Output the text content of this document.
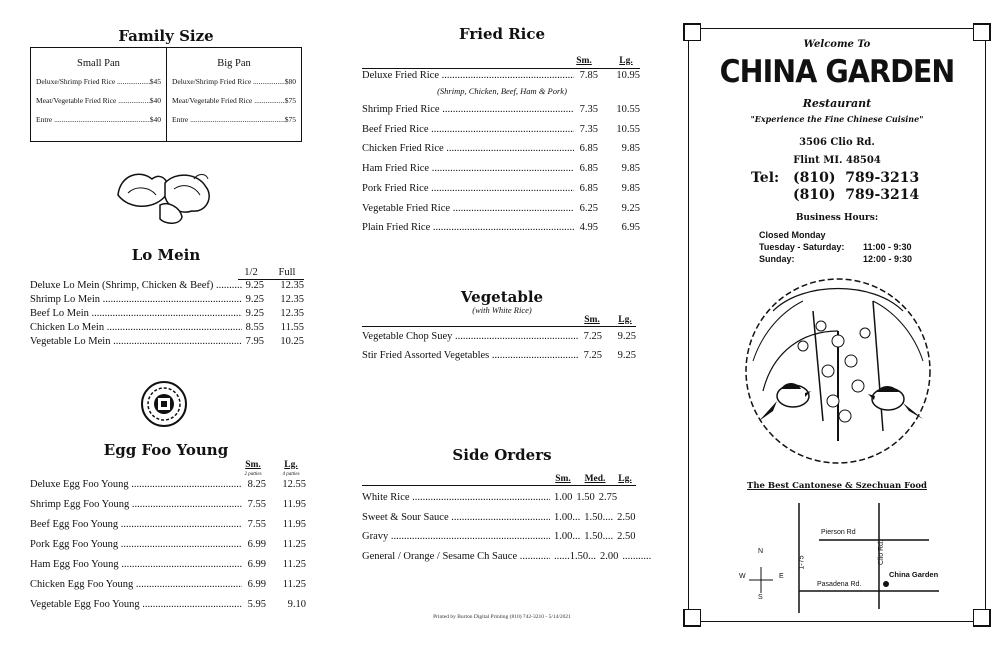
Family Size
Small Pan
Deluxe/Shrimp Fried Rice .....	$45
Meat/Vegetable Fried Rice .....	$40
Entre .....	$40
Big Pan
Deluxe/Shrimp Fried Rice .....	$80
Meat/Vegetable Fried Rice .....	$75
Entre .....	$75
Lo Mein
1/2	Full
Deluxe Lo Mein (Shrimp, Chicken & Beef) .....	9.25	12.35
Shrimp Lo Mein .....	9.25	12.35
Beef Lo Mein .....	9.25	12.35
Chicken Lo Mein .....	8.55	11.55
Vegetable Lo Mein .....	7.95	10.25
Egg Foo Young
Sm.	Lg.
2 patties	4 patties
Deluxe Egg Foo Young .....	8.25	12.55
Shrimp Egg Foo Young .....	7.55	11.95
Beef Egg Foo Young .....	7.55	11.95
Pork Egg Foo Young .....	6.99	11.25
Ham Egg Foo Young .....	6.99	11.25
Chicken Egg Foo Young .....	6.99	11.25
Vegetable Egg Foo Young .....	5.95	9.10
Fried Rice
Sm.	Lg.
(Shrimp, Chicken, Beef, Ham & Pork)
Deluxe Fried Rice .....	7.85	10.95
Shrimp Fried Rice .....	7.35	10.55
Beef Fried Rice .....	7.35	10.55
Chicken Fried Rice .....	6.85	9.85
Ham Fried Rice .....	6.85	9.85
Pork Fried Rice .....	6.85	9.85
Vegetable Fried Rice .....	6.25	9.25
Plain Fried Rice .....	4.95	6.95
Vegetable
(with White Rice)
Sm.	Lg.
Vegetable Chop Suey .....	7.25	9.25
Stir Fried Assorted Vegetables .....	7.25	9.25
Side Orders
Sm.	Med.	Lg.
White Rice .....	1.00 1.50 2.75
Sweet & Sour Sauce .....	1.00... 1.50.... 2.50
Gravy .....	1.00... 1.50.... 2.50
General / Orange / Sesame Ch Sauce .....	......1.50... 2.00 ...........
Printed by Burton Digital Printing (810) 742-3210 - 5/14/2021
Welcome To
CHINA GARDEN
Restaurant
"Experience the Fine Chinese Cuisine"
3506 Clio Rd.
Flint MI. 48504
Tel: (810)  789-3213
(810)  789-3214
Business Hours:
Closed Monday
Tuesday - Saturday:	11:00 - 9:30
Sunday:	12:00 - 9:30
The Best Cantonese & Szechuan Food
Pierson Rd
Pasadena Rd.
1-75	Clio Rd.
China Garden
N
S
W	E
